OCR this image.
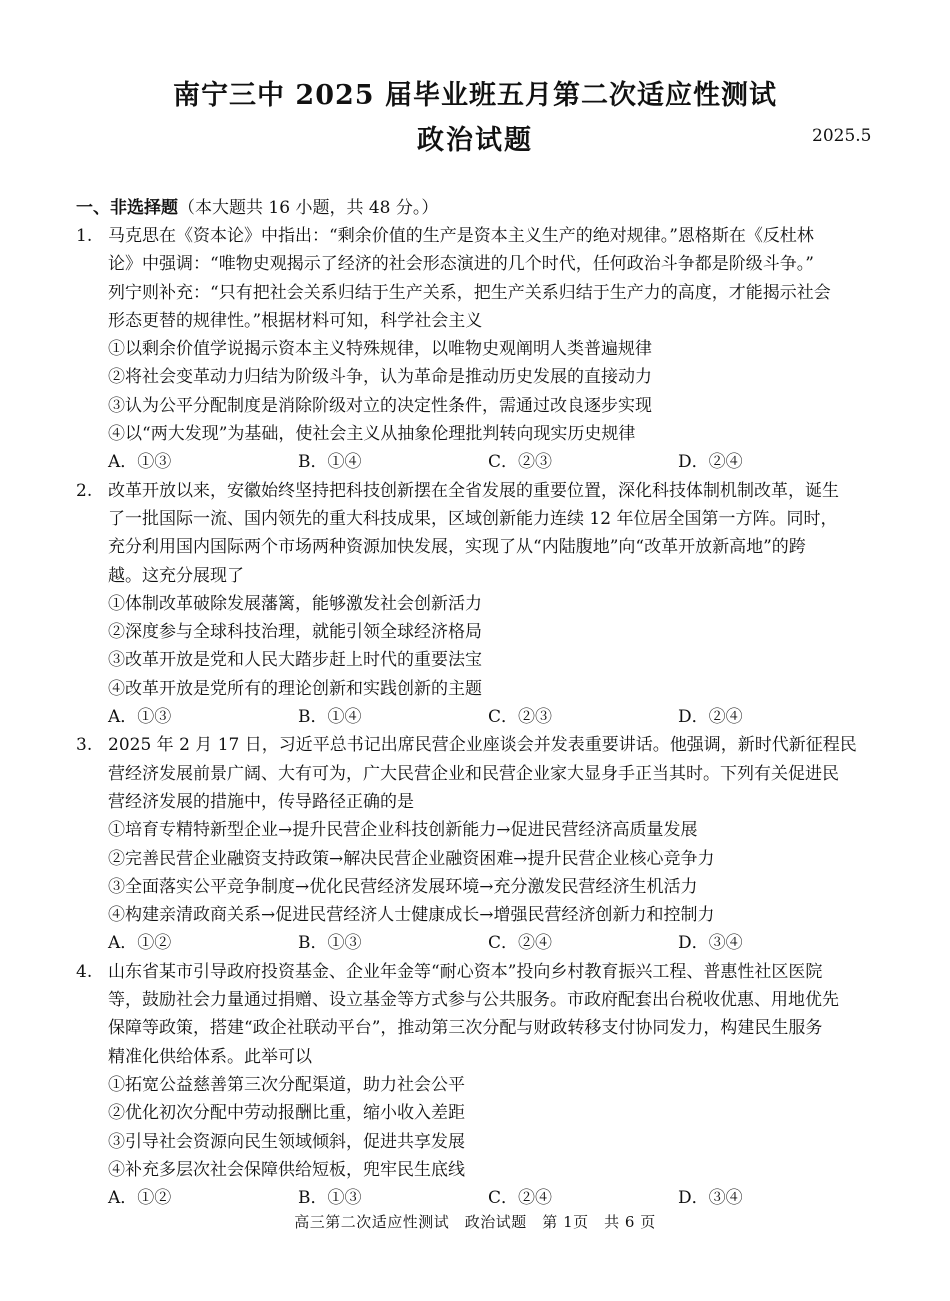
南宁三中 2025 届毕业班五月第二次适应性测试
政治试题	2025.5
一、非选择题（本大题共 16 小题，共 48 分。）
1. 马克思在《资本论》中指出：“剩余价值的生产是资本主义生产的绝对规律。”恩格斯在《反杜林
论》中强调：“唯物史观揭示了经济的社会形态演进的几个时代，任何政治斗争都是阶级斗争。”
列宁则补充：“只有把社会关系归结于生产关系，把生产关系归结于生产力的高度，才能揭示社会
形态更替的规律性。”根据材料可知，科学社会主义
①以剩余价值学说揭示资本主义特殊规律，以唯物史观阐明人类普遍规律
②将社会变革动力归结为阶级斗争，认为革命是推动历史发展的直接动力
③认为公平分配制度是消除阶级对立的决定性条件，需通过改良逐步实现
④以“两大发现”为基础，使社会主义从抽象伦理批判转向现实历史规律
A．①③	B．①④	C．②③	D．②④
2. 改革开放以来，安徽始终坚持把科技创新摆在全省发展的重要位置，深化科技体制机制改革，诞生
了一批国际一流、国内领先的重大科技成果，区域创新能力连续 12 年位居全国第一方阵。同时，
充分利用国内国际两个市场两种资源加快发展，实现了从“内陆腹地”向“改革开放新高地”的跨
越。这充分展现了
①体制改革破除发展藩篱，能够激发社会创新活力
②深度参与全球科技治理，就能引领全球经济格局
③改革开放是党和人民大踏步赶上时代的重要法宝
④改革开放是党所有的理论创新和实践创新的主题
A．①③	B．①④	C．②③	D．②④
3. 2025 年 2 月 17 日，习近平总书记出席民营企业座谈会并发表重要讲话。他强调，新时代新征程民
营经济发展前景广阔、大有可为，广大民营企业和民营企业家大显身手正当其时。下列有关促进民
营经济发展的措施中，传导路径正确的是
①培育专精特新型企业→提升民营企业科技创新能力→促进民营经济高质量发展
②完善民营企业融资支持政策→解决民营企业融资困难→提升民营企业核心竞争力
③全面落实公平竞争制度→优化民营经济发展环境→充分激发民营经济生机活力
④构建亲清政商关系→促进民营经济人士健康成长→增强民营经济创新力和控制力
A．①②	B．①③	C．②④	D．③④
4. 山东省某市引导政府投资基金、企业年金等“耐心资本”投向乡村教育振兴工程、普惠性社区医院
等，鼓励社会力量通过捐赠、设立基金等方式参与公共服务。市政府配套出台税收优惠、用地优先
保障等政策，搭建“政企社联动平台”，推动第三次分配与财政转移支付协同发力，构建民生服务
精准化供给体系。此举可以
①拓宽公益慈善第三次分配渠道，助力社会公平
②优化初次分配中劳动报酬比重，缩小收入差距
③引导社会资源向民生领域倾斜，促进共享发展
④补充多层次社会保障供给短板，兜牢民生底线
A．①②	B．①③	C．②④	D．③④
高三第二次适应性测试　政治试题　第 1页　共 6 页
